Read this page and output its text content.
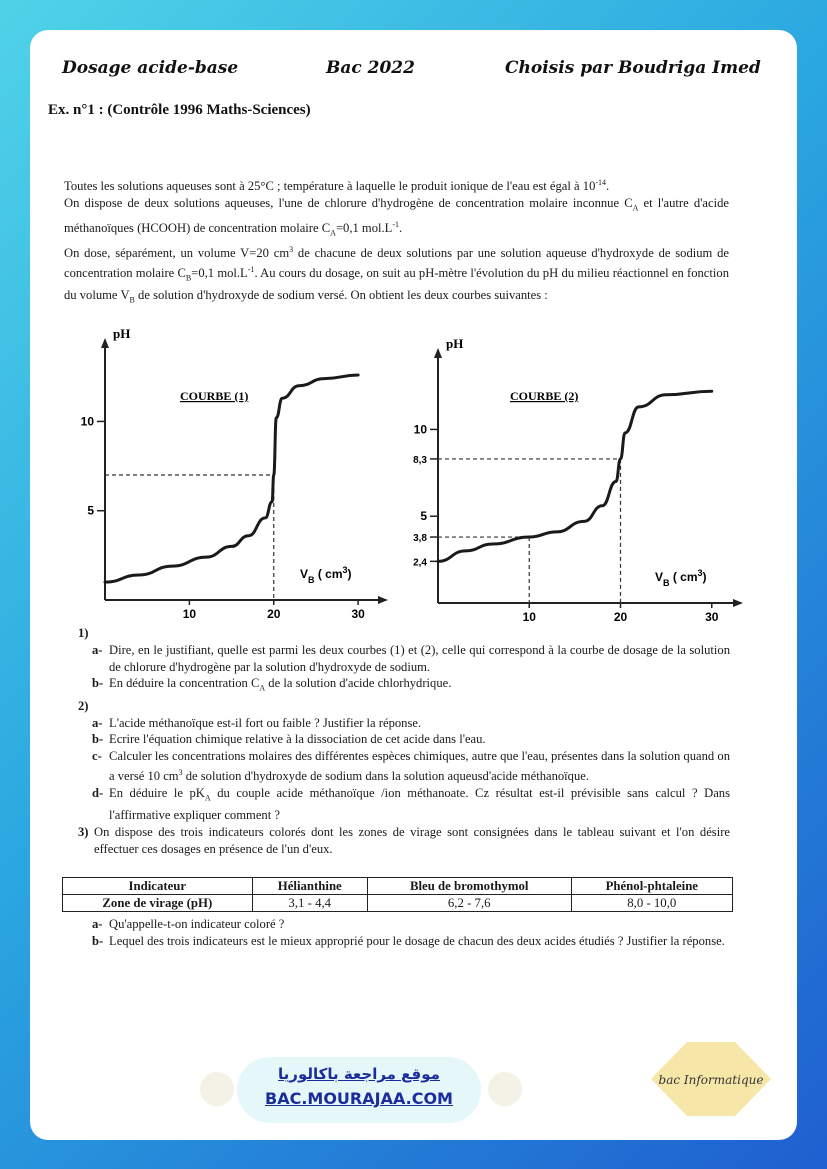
Dosage acide-base	Bac 2022	Choisis par Boudriga Imed
Ex. n°1 : (Contrôle 1996 Maths-Sciences)

Toutes les solutions aqueuses sont à 25°C ; température à laquelle le produit ionique de l'eau est égal à $10^{-14}$.

On dispose de deux solutions aqueuses, l'une de chlorure d'hydrogène de concentration molaire inconnue $C_A$ et l'autre d'acide méthanoïques (HCOOH) de concentration molaire $C_A=0,1$ $mol.L^{-1}$.

On dose, séparément, un volume V=20 $cm^3$ de chacune de deux solutions par une solution aqueuse d'hydroxyde de sodium de concentration molaire $C_B=0,1$ $mol.L^{-1}$. Au cours du dosage, on suit au pH-mètre l'évolution du pH du milieu réactionnel en fonction du volume $V_B$ de solution d'hydroxyde de sodium versé. On obtient les deux courbes suivantes :

pH
COURBE (1)
$V_B$ ( $cm^3$)
10	20	30
5
10
pH
COURBE (2)
$V_B$ ( $cm^3$)
10	20	30
2,4
3,8
5
8,3
10
1)
a- Dire, en le justifiant, quelle est parmi les deux courbes (1) et (2), celle qui correspond à la courbe de dosage de la solution de chlorure d'hydrogène par la solution d'hydroxyde de sodium.
b- En déduire la concentration $C_A$ de la solution d'acide chlorhydrique.
2)
a- L'acide méthanoïque est-il fort ou faible ? Justifier la réponse.
b- Ecrire l'équation chimique relative à la dissociation de cet acide dans l'eau.
c- Calculer les concentrations molaires des différentes espèces chimiques, autre que l'eau, présentes dans la solution quand on a versé 10 $cm^3$ de solution d'hydroxyde de sodium dans la solution aqueusd'acide méthanoïque.
d- En déduire le $pK_A$ du couple acide méthanoïque /ion méthanoate. Cz résultat est-il prévisible sans calcul ? Dans l'affirmative expliquer comment ?
3) On dispose des trois indicateurs colorés dont les zones de virage sont consignées dans le tableau suivant et l'on désire effectuer ces dosages en présence de l'un d'eux.
Indicateur	Hélianthine	Bleu de bromothymol	Phénol-phtaleine
Zone de virage (pH)	3,1 - 4,4	6,2 - 7,6	8,0 - 10,0
a- Qu'appelle-t-on indicateur coloré ?
b- Lequel des trois indicateurs est le mieux approprié pour le dosage de chacun des deux acides étudiés ? Justifier la réponse.
موقع مراجعة باكالوريا
BAC.MOURAJAA.COM
bac Informatique
